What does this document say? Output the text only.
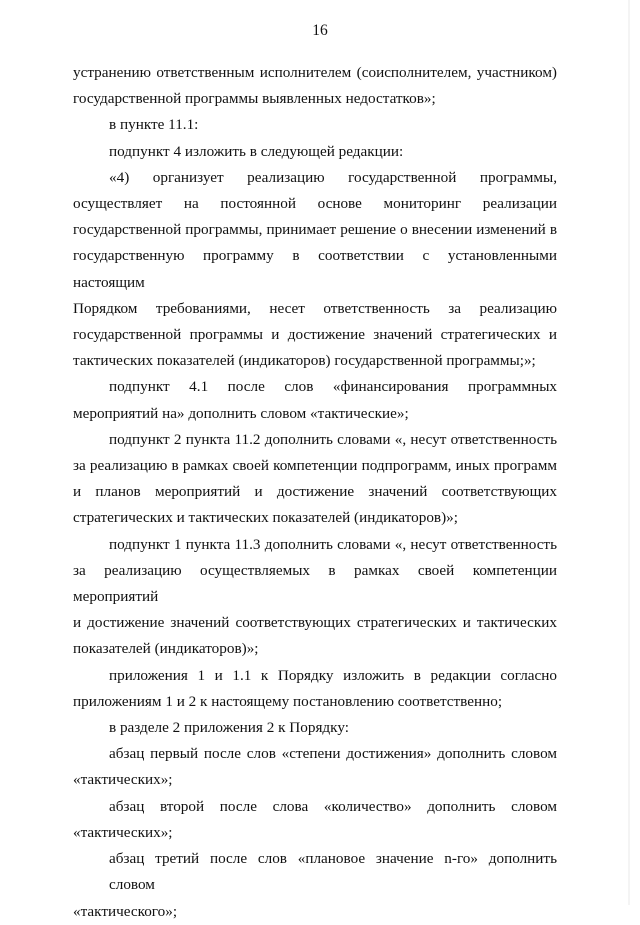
16
устранению ответственным исполнителем (соисполнителем, участником)
государственной программы выявленных недостатков»;
в пункте 11.1:
подпункт 4 изложить в следующей редакции:
«4) организует реализацию государственной программы,
осуществляет на постоянной основе мониторинг реализации
государственной программы, принимает решение о внесении изменений в
государственную программу в соответствии с установленными настоящим
Порядком требованиями, несет ответственность за реализацию
государственной программы и достижение значений стратегических и
тактических показателей (индикаторов) государственной программы;»;
подпункт 4.1 после слов «финансирования программных
мероприятий на» дополнить словом «тактические»;
подпункт 2 пункта 11.2 дополнить словами «, несут ответственность
за реализацию в рамках своей компетенции подпрограмм, иных программ
и планов мероприятий и достижение значений соответствующих
стратегических и тактических показателей (индикаторов)»;
подпункт 1 пункта 11.3 дополнить словами «, несут ответственность
за реализацию осуществляемых в рамках своей компетенции мероприятий
и достижение значений соответствующих стратегических и тактических
показателей (индикаторов)»;
приложения 1 и 1.1 к Порядку изложить в редакции согласно
приложениям 1 и 2 к настоящему постановлению соответственно;
в разделе 2 приложения 2 к Порядку:
абзац первый после слов «степени достижения» дополнить словом
«тактических»;
абзац второй после слова «количество» дополнить словом
«тактических»;
абзац третий после слов «плановое значение n-го» дополнить словом
«тактического»;
